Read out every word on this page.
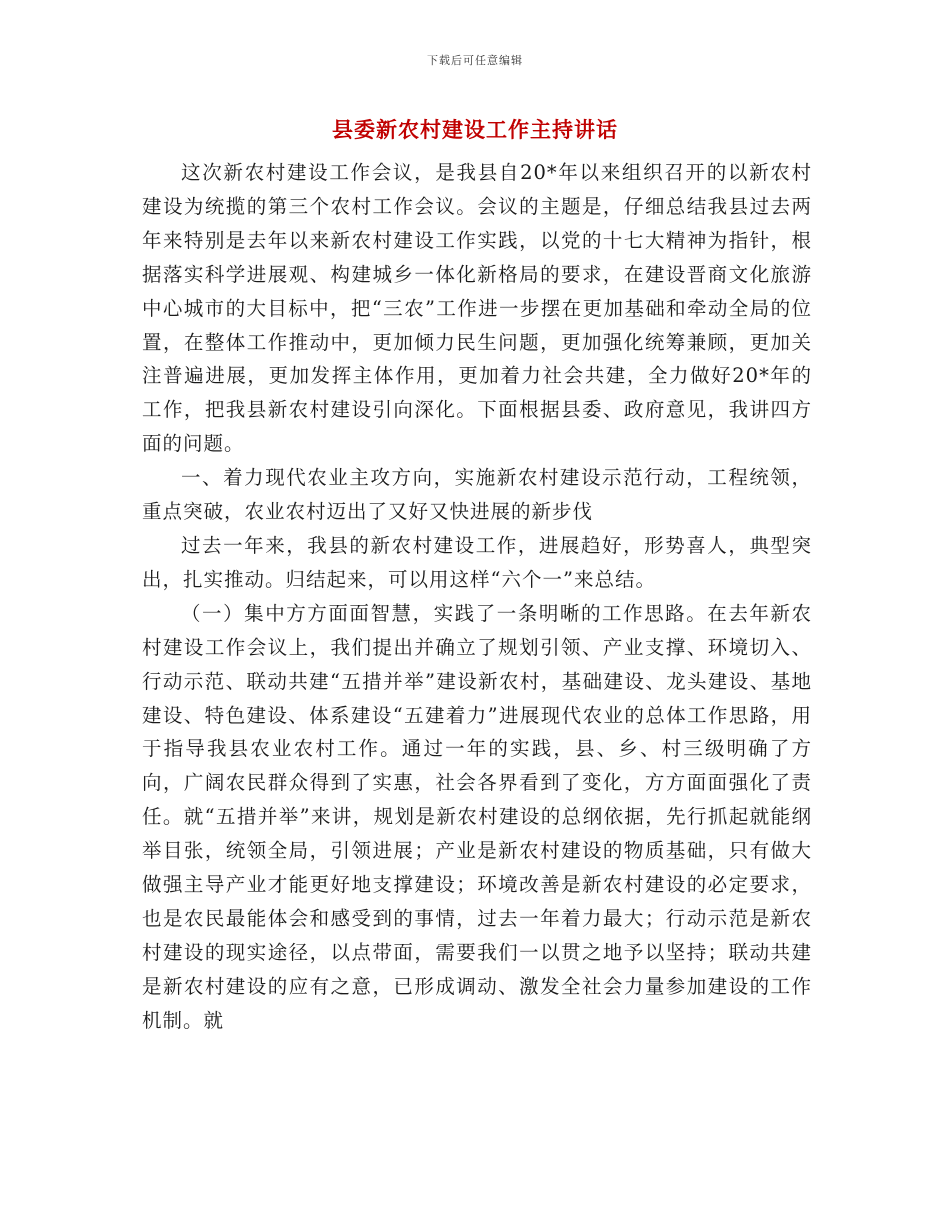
下载后可任意编辑
县委新农村建设工作主持讲话

这次新农村建设工作会议，是我县自20*年以来组织召开的以新农村建设为统揽的第三个农村工作会议。会议的主题是，仔细总结我县过去两年来特别是去年以来新农村建设工作实践，以党的十七大精神为指针，根据落实科学进展观、构建城乡一体化新格局的要求，在建设晋商文化旅游中心城市的大目标中，把“三农”工作进一步摆在更加基础和牵动全局的位置，在整体工作推动中，更加倾力民生问题，更加强化统筹兼顾，更加关注普遍进展，更加发挥主体作用，更加着力社会共建，全力做好20*年的工作，把我县新农村建设引向深化。下面根据县委、政府意见，我讲四方面的问题。

一、着力现代农业主攻方向，实施新农村建设示范行动，工程统领，重点突破，农业农村迈出了又好又快进展的新步伐

过去一年来，我县的新农村建设工作，进展趋好，形势喜人，典型突出，扎实推动。归结起来，可以用这样“六个一”来总结。

（一）集中方方面面智慧，实践了一条明晰的工作思路。在去年新农村建设工作会议上，我们提出并确立了规划引领、产业支撑、环境切入、行动示范、联动共建“五措并举”建设新农村，基础建设、龙头建设、基地建设、特色建设、体系建设“五建着力”进展现代农业的总体工作思路，用于指导我县农业农村工作。通过一年的实践，县、乡、村三级明确了方向，广阔农民群众得到了实惠，社会各界看到了变化，方方面面强化了责任。就“五措并举”来讲，规划是新农村建设的总纲依据，先行抓起就能纲举目张，统领全局，引领进展；产业是新农村建设的物质基础，只有做大做强主导产业才能更好地支撑建设；环境改善是新农村建设的必定要求，也是农民最能体会和感受到的事情，过去一年着力最大；行动示范是新农村建设的现实途径，以点带面，需要我们一以贯之地予以坚持；联动共建是新农村建设的应有之意，已形成调动、激发全社会力量参加建设的工作机制。就
